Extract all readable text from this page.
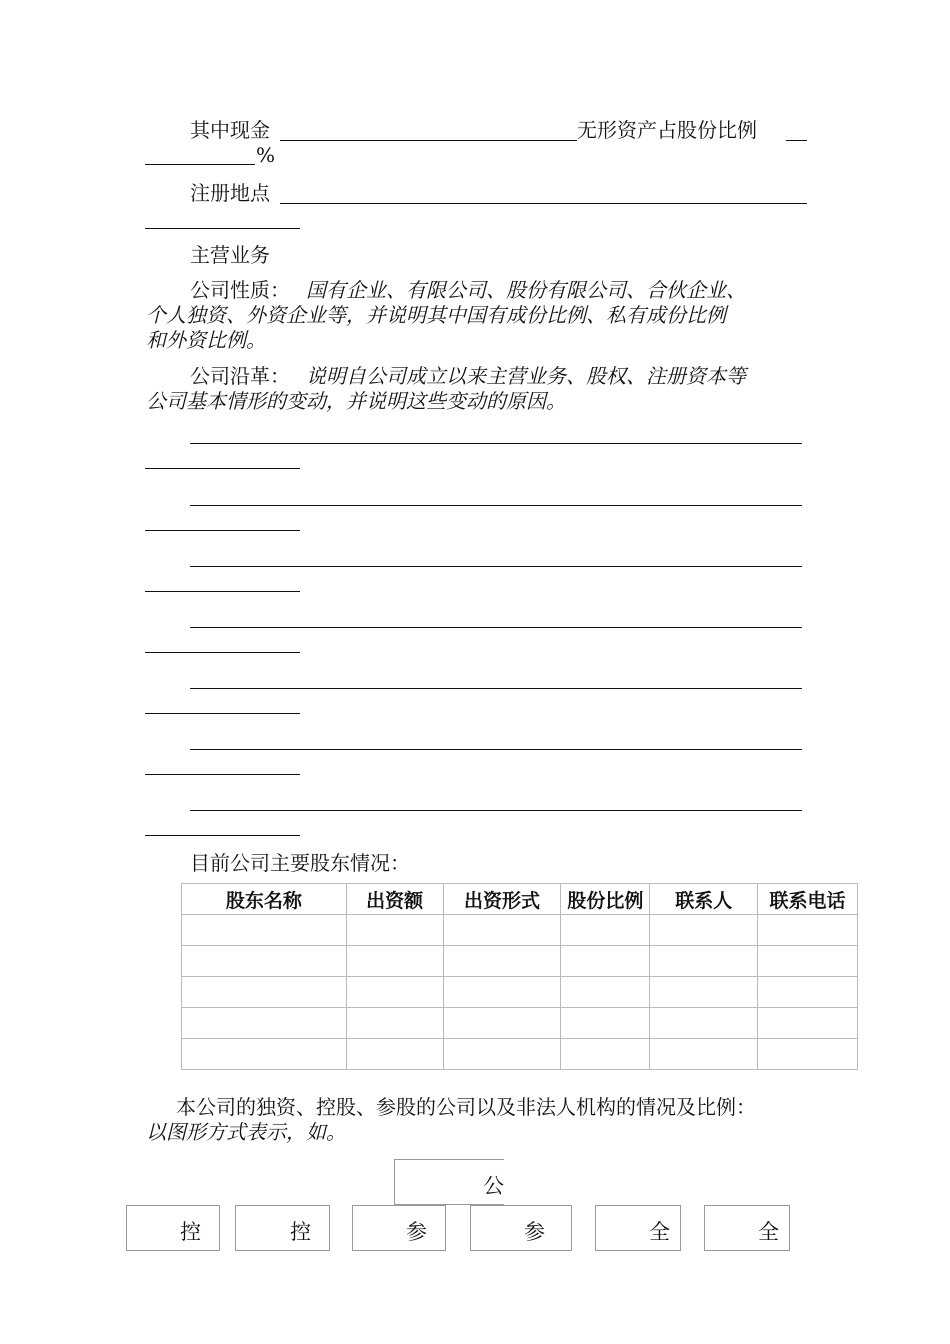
其中现金	无形资产占股份比例
%
注册地点
主营业务
公司性质： 国有企业、有限公司、股份有限公司、合伙企业、
个人独资、外资企业等，并说明其中国有成份比例、私有成份比例
和外资比例。
公司沿革： 说明自公司成立以来主营业务、股权、注册资本等
公司基本情形的变动，并说明这些变动的原因。
目前公司主要股东情况：
股东名称	出资额	出资形式	股份比例	联系人	联系电话

本公司的独资、控股、参股的公司以及非法人机构的情况及比例：
以图形方式表示，如。
公
控	控	参	参	全	全
